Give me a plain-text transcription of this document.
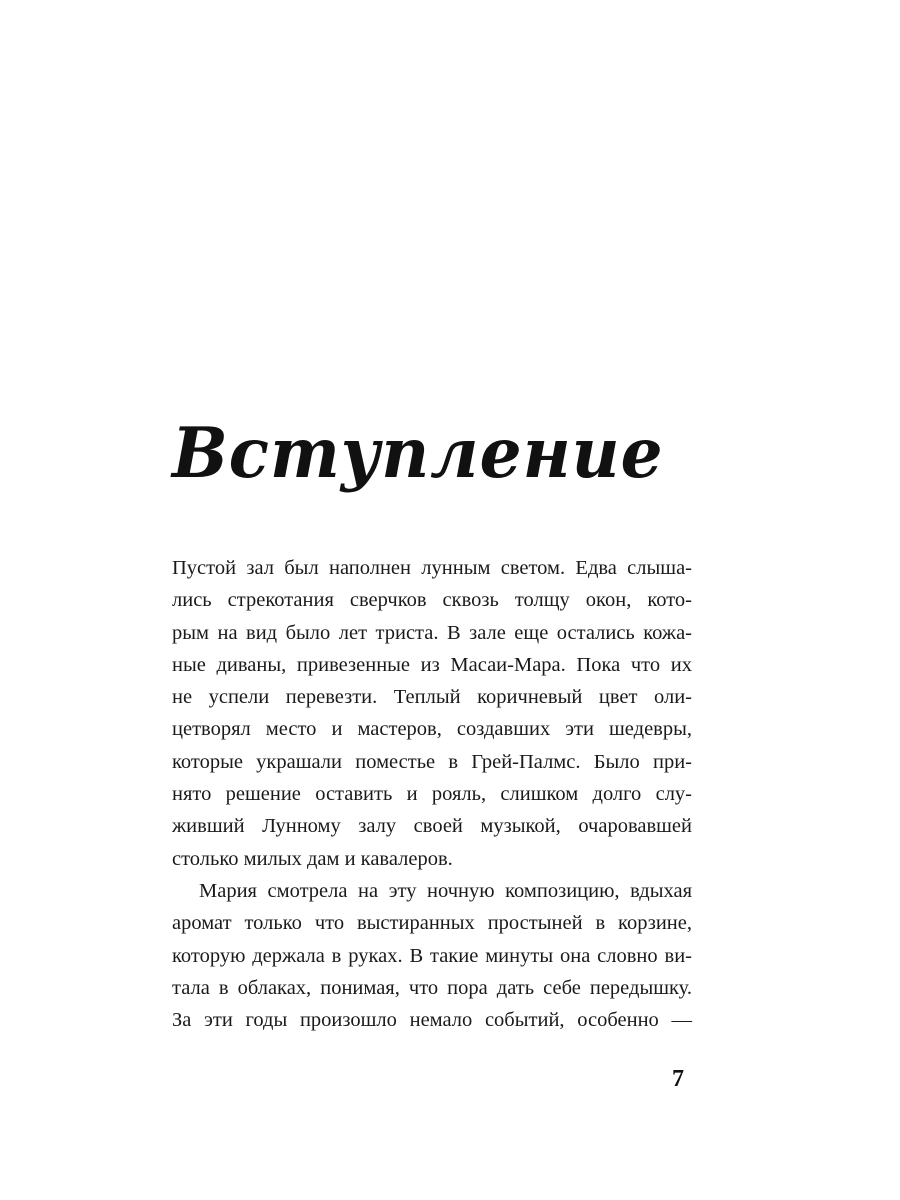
Вступление
Пустой зал был наполнен лунным светом. Едва слыша-
лись стрекотания сверчков сквозь толщу окон, кото-
рым на вид было лет триста. В зале еще остались кожа-
ные диваны, привезенные из Масаи-Мара. Пока что их
не успели перевезти. Теплый коричневый цвет оли-
цетворял место и мастеров, создавших эти шедевры,
которые украшали поместье в Грей-Палмс. Было при-
нято решение оставить и рояль, слишком долго слу-
живший Лунному залу своей музыкой, очаровавшей
столько милых дам и кавалеров.
Мария смотрела на эту ночную композицию, вдыхая
аромат только что выстиранных простыней в корзине,
которую держала в руках. В такие минуты она словно ви-
тала в облаках, понимая, что пора дать себе передышку.
За эти годы произошло немало событий, особенно —
7
